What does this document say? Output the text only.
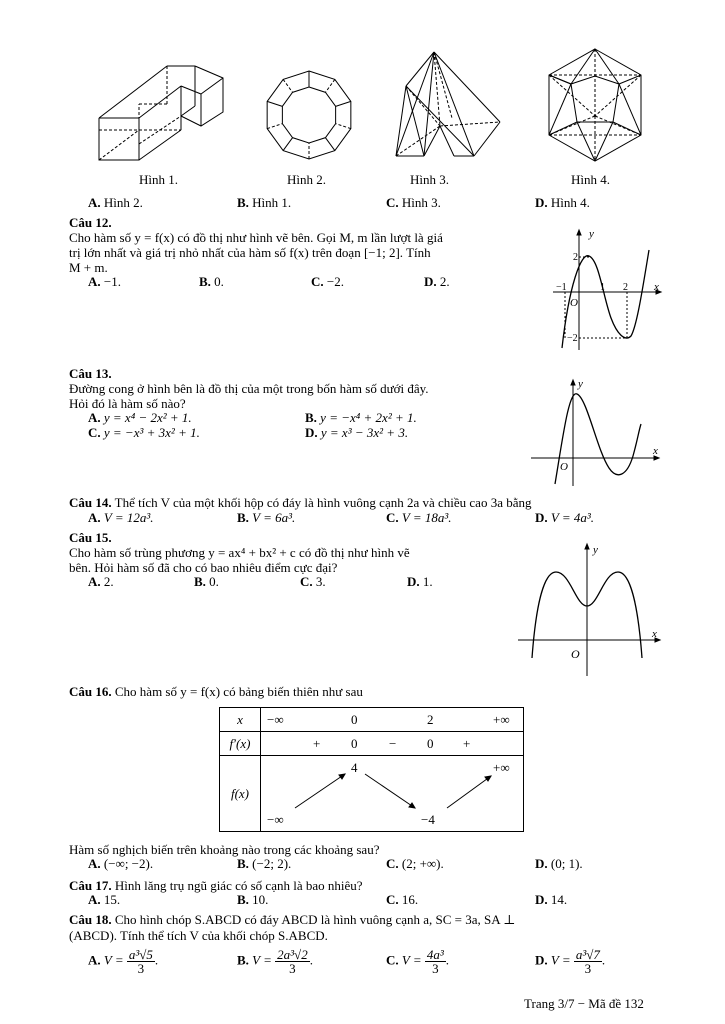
Hình 1.	Hình 2.	Hình 3.	Hình 4.
A. Hình 2.	B. Hình 1.	C. Hình 3.	D. Hình 4.
Câu 12.
Cho hàm số y = f(x) có đồ thị như hình vẽ bên. Gọi M, m lần lượt là giá
trị lớn nhất và giá trị nhỏ nhất của hàm số f(x) trên đoạn [−1; 2]. Tính
M + m.
A. −1.	B. 0.	C. −2.	D. 2.
y
x
O
2
−1	1 2
−2
Câu 13.
Đường cong ở hình bên là đồ thị của một trong bốn hàm số dưới đây.
Hỏi đó là hàm số nào?
A. y = x⁴ − 2x² + 1.	B. y = −x⁴ + 2x² + 1.
C. y = −x³ + 3x² + 1.	D. y = x³ − 3x² + 3.
y
x
O
Câu 14. Thể tích V của một khối hộp có đáy là hình vuông cạnh 2a và chiều cao 3a bằng
A. V = 12a³.	B. V = 6a³.	C. V = 18a³.	D. V = 4a³.
Câu 15.
Cho hàm số trùng phương y = ax⁴ + bx² + c có đồ thị như hình vẽ
bên. Hỏi hàm số đã cho có bao nhiêu điểm cực đại?
A. 2.	B. 0.	C. 3.	D. 1.
y
x
O
Câu 16. Cho hàm số y = f(x) có bảng biến thiên như sau
x	−∞ 0 2 +∞

f′(x)	+ 0 − 0 +

f(x)	4 +∞
−∞ −4
Hàm số nghịch biến trên khoảng nào trong các khoảng sau?
A. (−∞; −2).	B. (−2; 2).	C. (2; +∞).	D. (0; 1).
Câu 17. Hình lăng trụ ngũ giác có số cạnh là bao nhiêu?
A. 15.	B. 10.	C. 16.	D. 14.
Câu 18. Cho hình chóp S.ABCD có đáy ABCD là hình vuông cạnh a, SC = 3a, SA ⊥
(ABCD). Tính thể tích V của khối chóp S.ABCD.
A. $V = \frac{\text{a³√5}}{3}$ .	B. $V = \frac{\text{2a³√2}}{3}$ .	C. $V = \frac{\text{4a³}}{3}$ .	D. $V = \frac{\text{a³√7}}{3}$ .
Trang 3/7 − Mã đề 132
